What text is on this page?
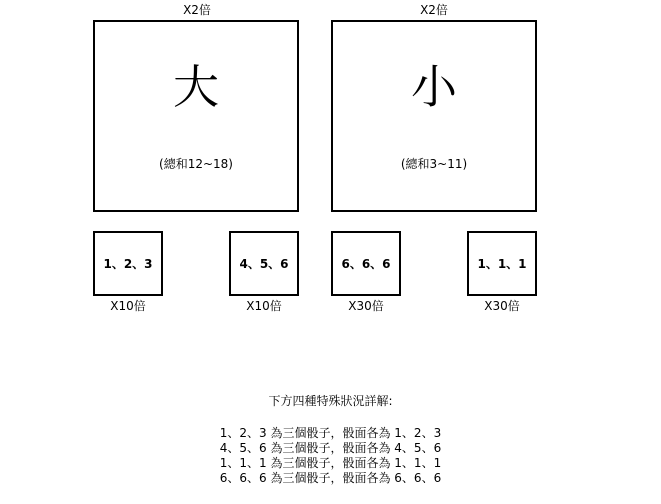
X2倍
大
(總和12~18)
X2倍
小
(總和3~11)
1、2、3
X10倍
4、5、6
X10倍
6、6、6
X30倍
1、1、1
X30倍
下方四種特殊狀況詳解:
1、2、3 為三個骰子，骰面各為 1、2、3
4、5、6 為三個骰子，骰面各為 4、5、6
1、1、1 為三個骰子，骰面各為 1、1、1
6、6、6 為三個骰子，骰面各為 6、6、6
